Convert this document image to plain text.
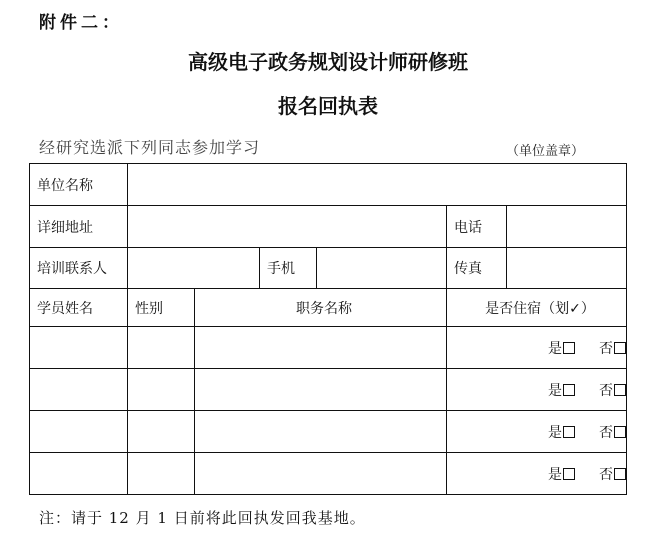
附件二：
高级电子政务规划设计师研修班
报名回执表
经研究选派下列同志参加学习	（单位盖章）
单位名称					
详细地址				电话	
培训联系人			手机	传真	
学员姓名	性别	职务名称		是否住宿（划✓）	
				是 否	
				是 否	
				是 否	
				是 否	
注：请于 12 月 1 日前将此回执发回我基地。
